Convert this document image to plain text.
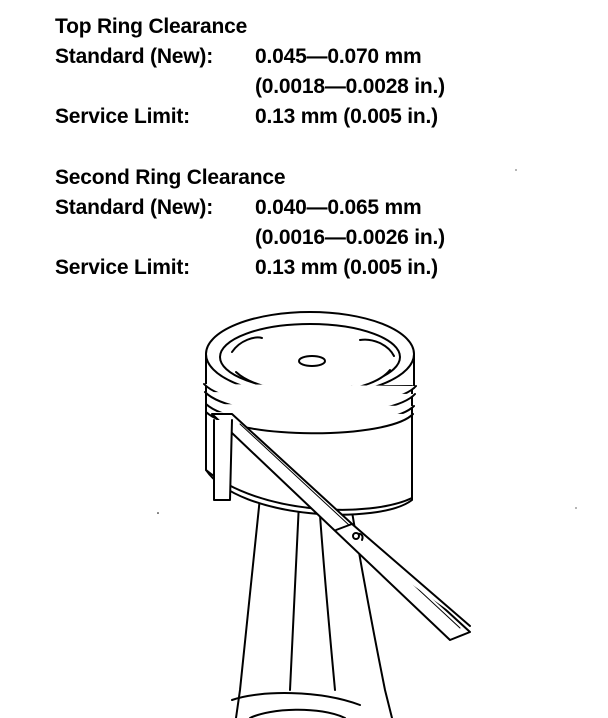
Top Ring Clearance
Standard (New):	0.045—0.070 mm
(0.0018—0.0028 in.)
Service Limit:	0.13 mm (0.005 in.)
Second Ring Clearance
Standard (New):	0.040—0.065 mm
(0.0016—0.0026 in.)
Service Limit:	0.13 mm (0.005 in.)
